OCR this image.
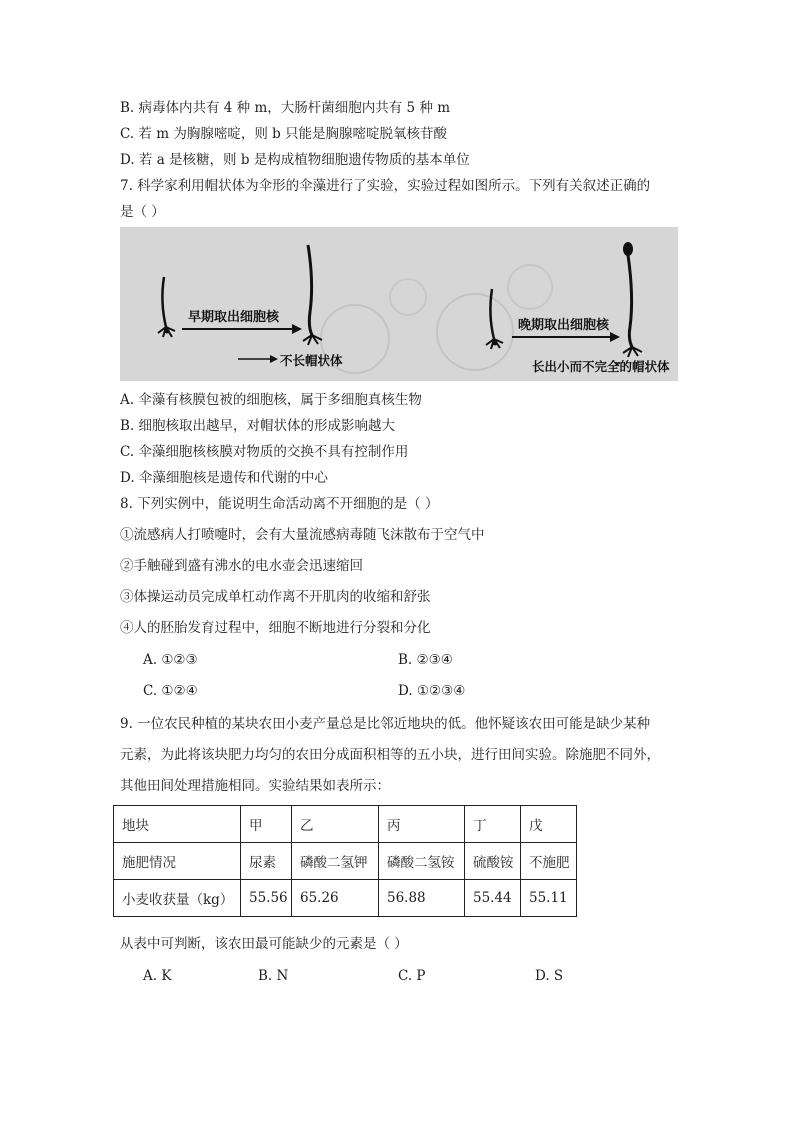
B. 病毒体内共有 4 种 m，大肠杆菌细胞内共有 5 种 m
C. 若 m 为胸腺嘧啶，则 b 只能是胸腺嘧啶脱氧核苷酸
D. 若 a 是核糖，则 b 是构成植物细胞遗传物质的基本单位
7. 科学家利用帽状体为伞形的伞藻进行了实验，实验过程如图所示。下列有关叙述正确的
是（ ）
早期取出细胞核
不长帽状体
晚期取出细胞核
长出小而不完全的帽状体
A. 伞藻有核膜包被的细胞核，属于多细胞真核生物
B. 细胞核取出越早，对帽状体的形成影响越大
C. 伞藻细胞核核膜对物质的交换不具有控制作用
D. 伞藻细胞核是遗传和代谢的中心
8. 下列实例中，能说明生命活动离不开细胞的是（ ）
①流感病人打喷嚏时，会有大量流感病毒随飞沫散布于空气中
②手触碰到盛有沸水的电水壶会迅速缩回
③体操运动员完成单杠动作离不开肌肉的收缩和舒张
④人的胚胎发育过程中，细胞不断地进行分裂和分化
A. ①②③	B. ②③④
C. ①②④	D. ①②③④
9. 一位农民种植的某块农田小麦产量总是比邻近地块的低。他怀疑该农田可能是缺少某种
元素，为此将该块肥力均匀的农田分成面积相等的五小块，进行田间实验。除施肥不同外，
其他田间处理措施相同。实验结果如表所示：
地块	甲	乙	丙	丁	戊
施肥情况	尿素	磷酸二氢钾	磷酸二氢铵	硫酸铵	不施肥
小麦收获量（kg）	55.56	65.26	56.88	55.44	55.11
从表中可判断，该农田最可能缺少的元素是（ ）
A. K	B. N	C. P	D. S
